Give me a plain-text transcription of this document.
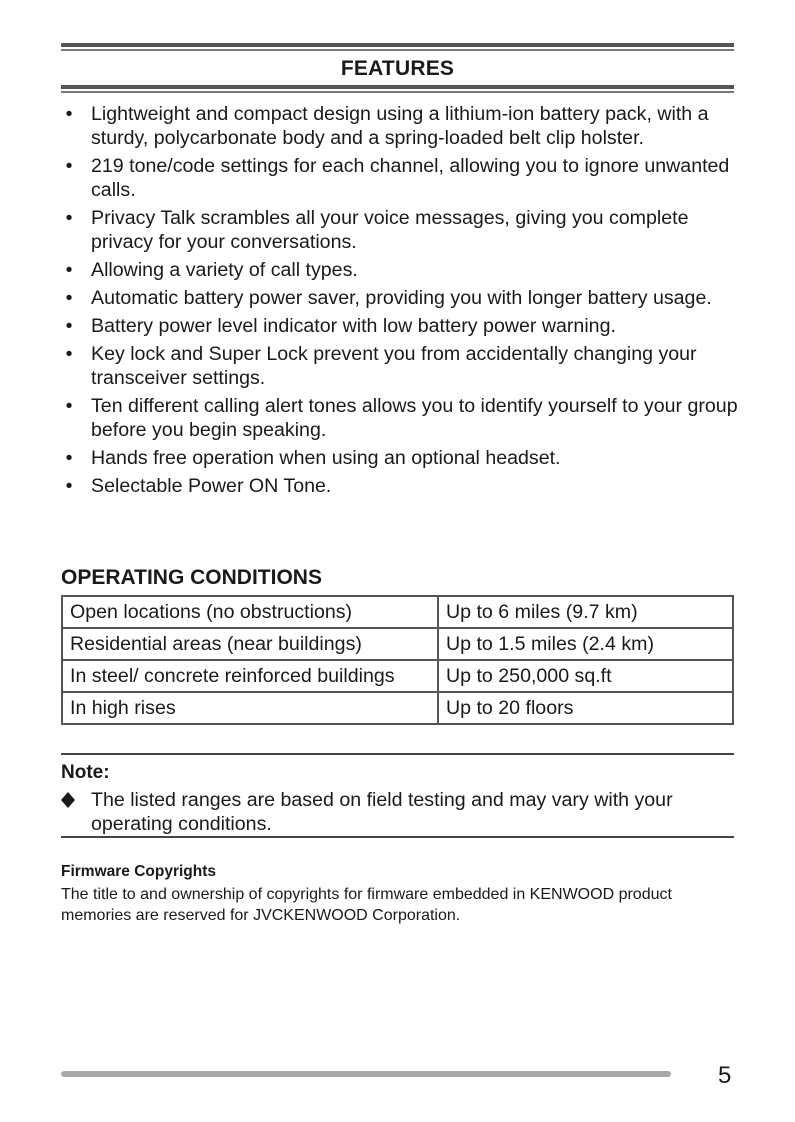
FEATURES
• Lightweight and compact design using a lithium-ion battery pack, with a sturdy, polycarbonate body and a spring-loaded belt clip holster.
• 219 tone/code settings for each channel, allowing you to ignore unwanted calls.
• Privacy Talk scrambles all your voice messages, giving you complete privacy for your conversations.
• Allowing a variety of call types.
• Automatic battery power saver, providing you with longer battery usage.
• Battery power level indicator with low battery power warning.
• Key lock and Super Lock prevent you from accidentally changing your transceiver settings.
• Ten different calling alert tones allows you to identify yourself to your group before you begin speaking.
• Hands free operation when using an optional headset.
• Selectable Power ON Tone.
OPERATING CONDITIONS
Open locations (no obstructions)	Up to 6 miles (9.7 km)
Residential areas (near buildings)	Up to 1.5 miles (2.4 km)
In steel/ concrete reinforced buildings	Up to 250,000 sq.ft
In high rises	Up to 20 floors
Note:
The listed ranges are based on field testing and may vary with your operating conditions.
Firmware Copyrights
The title to and ownership of copyrights for firmware embedded in KENWOOD product memories are reserved for JVCKENWOOD Corporation.
5
